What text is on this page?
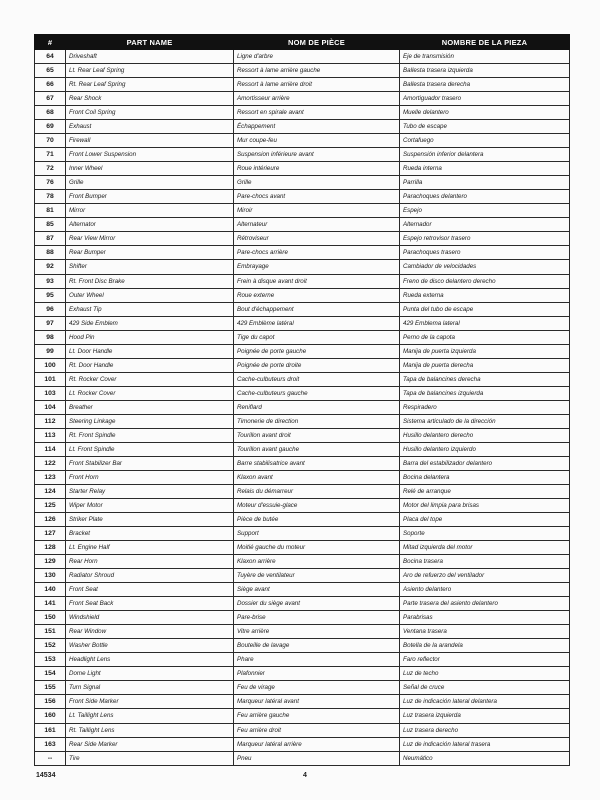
#	PART NAME	NOM DE PIÈCE	NOMBRE DE LA PIEZA
64	Driveshaft	Ligne d'arbre	Eje de transmisión
65	Lt. Rear Leaf Spring	Ressort à lame arrière gauche	Ballesta trasera izquierda
66	Rt. Rear Leaf Spring	Ressort à lame arrière droit	Ballesta trasera derecha
67	Rear Shock	Amortisseur arrière	Amortiguador trasero
68	Front Coil Spring	Ressort en spirale avant	Muelle delantero
69	Exhaust	Échappement	Tubo de escape
70	Firewall	Mur coupe-feu	Cortafuego
71	Front Lower Suspension	Suspension inférieure avant	Suspensión inferior delantera
72	Inner Wheel	Roue intérieure	Rueda interna
76	Grille	Grille	Parrilla
78	Front Bumper	Pare-chocs avant	Parachoques delantero
81	Mirror	Miroir	Espejo
85	Alternator	Alternateur	Alternador
87	Rear View Mirror	Rétroviseur	Espejo retrovisor trasero
88	Rear Bumper	Pare-chocs arrière	Parachoques trasero
92	Shifter	Embrayage	Cambiador de velocidades
93	Rt. Front Disc Brake	Frein à disque avant droit	Freno de disco delantero derecho
95	Outer Wheel	Roue externe	Rueda externa
96	Exhaust Tip	Bout d'échappement	Punta del tubo de escape
97	429 Side Emblem	429 Emblème latéral	429 Emblema lateral
98	Hood Pin	Tige du capot	Perno de la capota
99	Lt. Door Handle	Poignée de porte gauche	Manija de puerta izquierda
100	Rt. Door Handle	Poignée de porte droite	Manija de puerta derecha
101	Rt. Rocker Cover	Cache-culbuteurs droit	Tapa de balancines derecha
103	Lt. Rocker Cover	Cache-culbuteurs gauche	Tapa de balancines izquierda
104	Breather	Reniflard	Respiradero
112	Steering Linkage	Timonerie de direction	Sistema articulado de la dirección
113	Rt. Front Spindle	Tourillon avant droit	Husillo delantero derecho
114	Lt. Front Spindle	Tourillon avant gauche	Husillo delantero izquierdo
122	Front Stabilizer Bar	Barre stabilisatrice avant	Barra del estabilizador delantero
123	Front Horn	Klaxon avant	Bocina delantera
124	Starter Relay	Relais du démarreur	Relé de arranque
125	Wiper Motor	Moteur d'essuie-glace	Motor del limpia para brisas
126	Striker Plate	Pièce de butée	Placa del tope
127	Bracket	Support	Soporte
128	Lt. Engine Half	Moitié gauche du moteur	Mitad izquierda del motor
129	Rear Horn	Klaxon arrière	Bocina trasera
130	Radiator Shroud	Tuyère de ventilateur	Aro de refuerzo del ventilador
140	Front Seat	Siège avant	Asiento delantero
141	Front Seat Back	Dossier du siège avant	Parte trasera del asiento delantero
150	Windshield	Pare-brise	Parabrisas
151	Rear Window	Vitre arrière	Ventana trasera
152	Washer Bottle	Bouteille de lavage	Botella de la arandela
153	Headlight Lens	Phare	Faro reflector
154	Dome Light	Plafonnier	Luz de techo
155	Turn Signal	Feu de virage	Señal de cruce
156	Front Side Marker	Marqueur latéral avant	Luz de indicación lateral delantera
160	Lt. Taillight Lens	Feu arrière gauche	Luz trasera izquierda
161	Rt. Taillight Lens	Feu arrière droit	Luz trasera derecho
163	Rear Side Marker	Marqueur latéral arrière	Luz de indicación lateral trasera
--	Tire	Pneu	Neumático
14534	4
